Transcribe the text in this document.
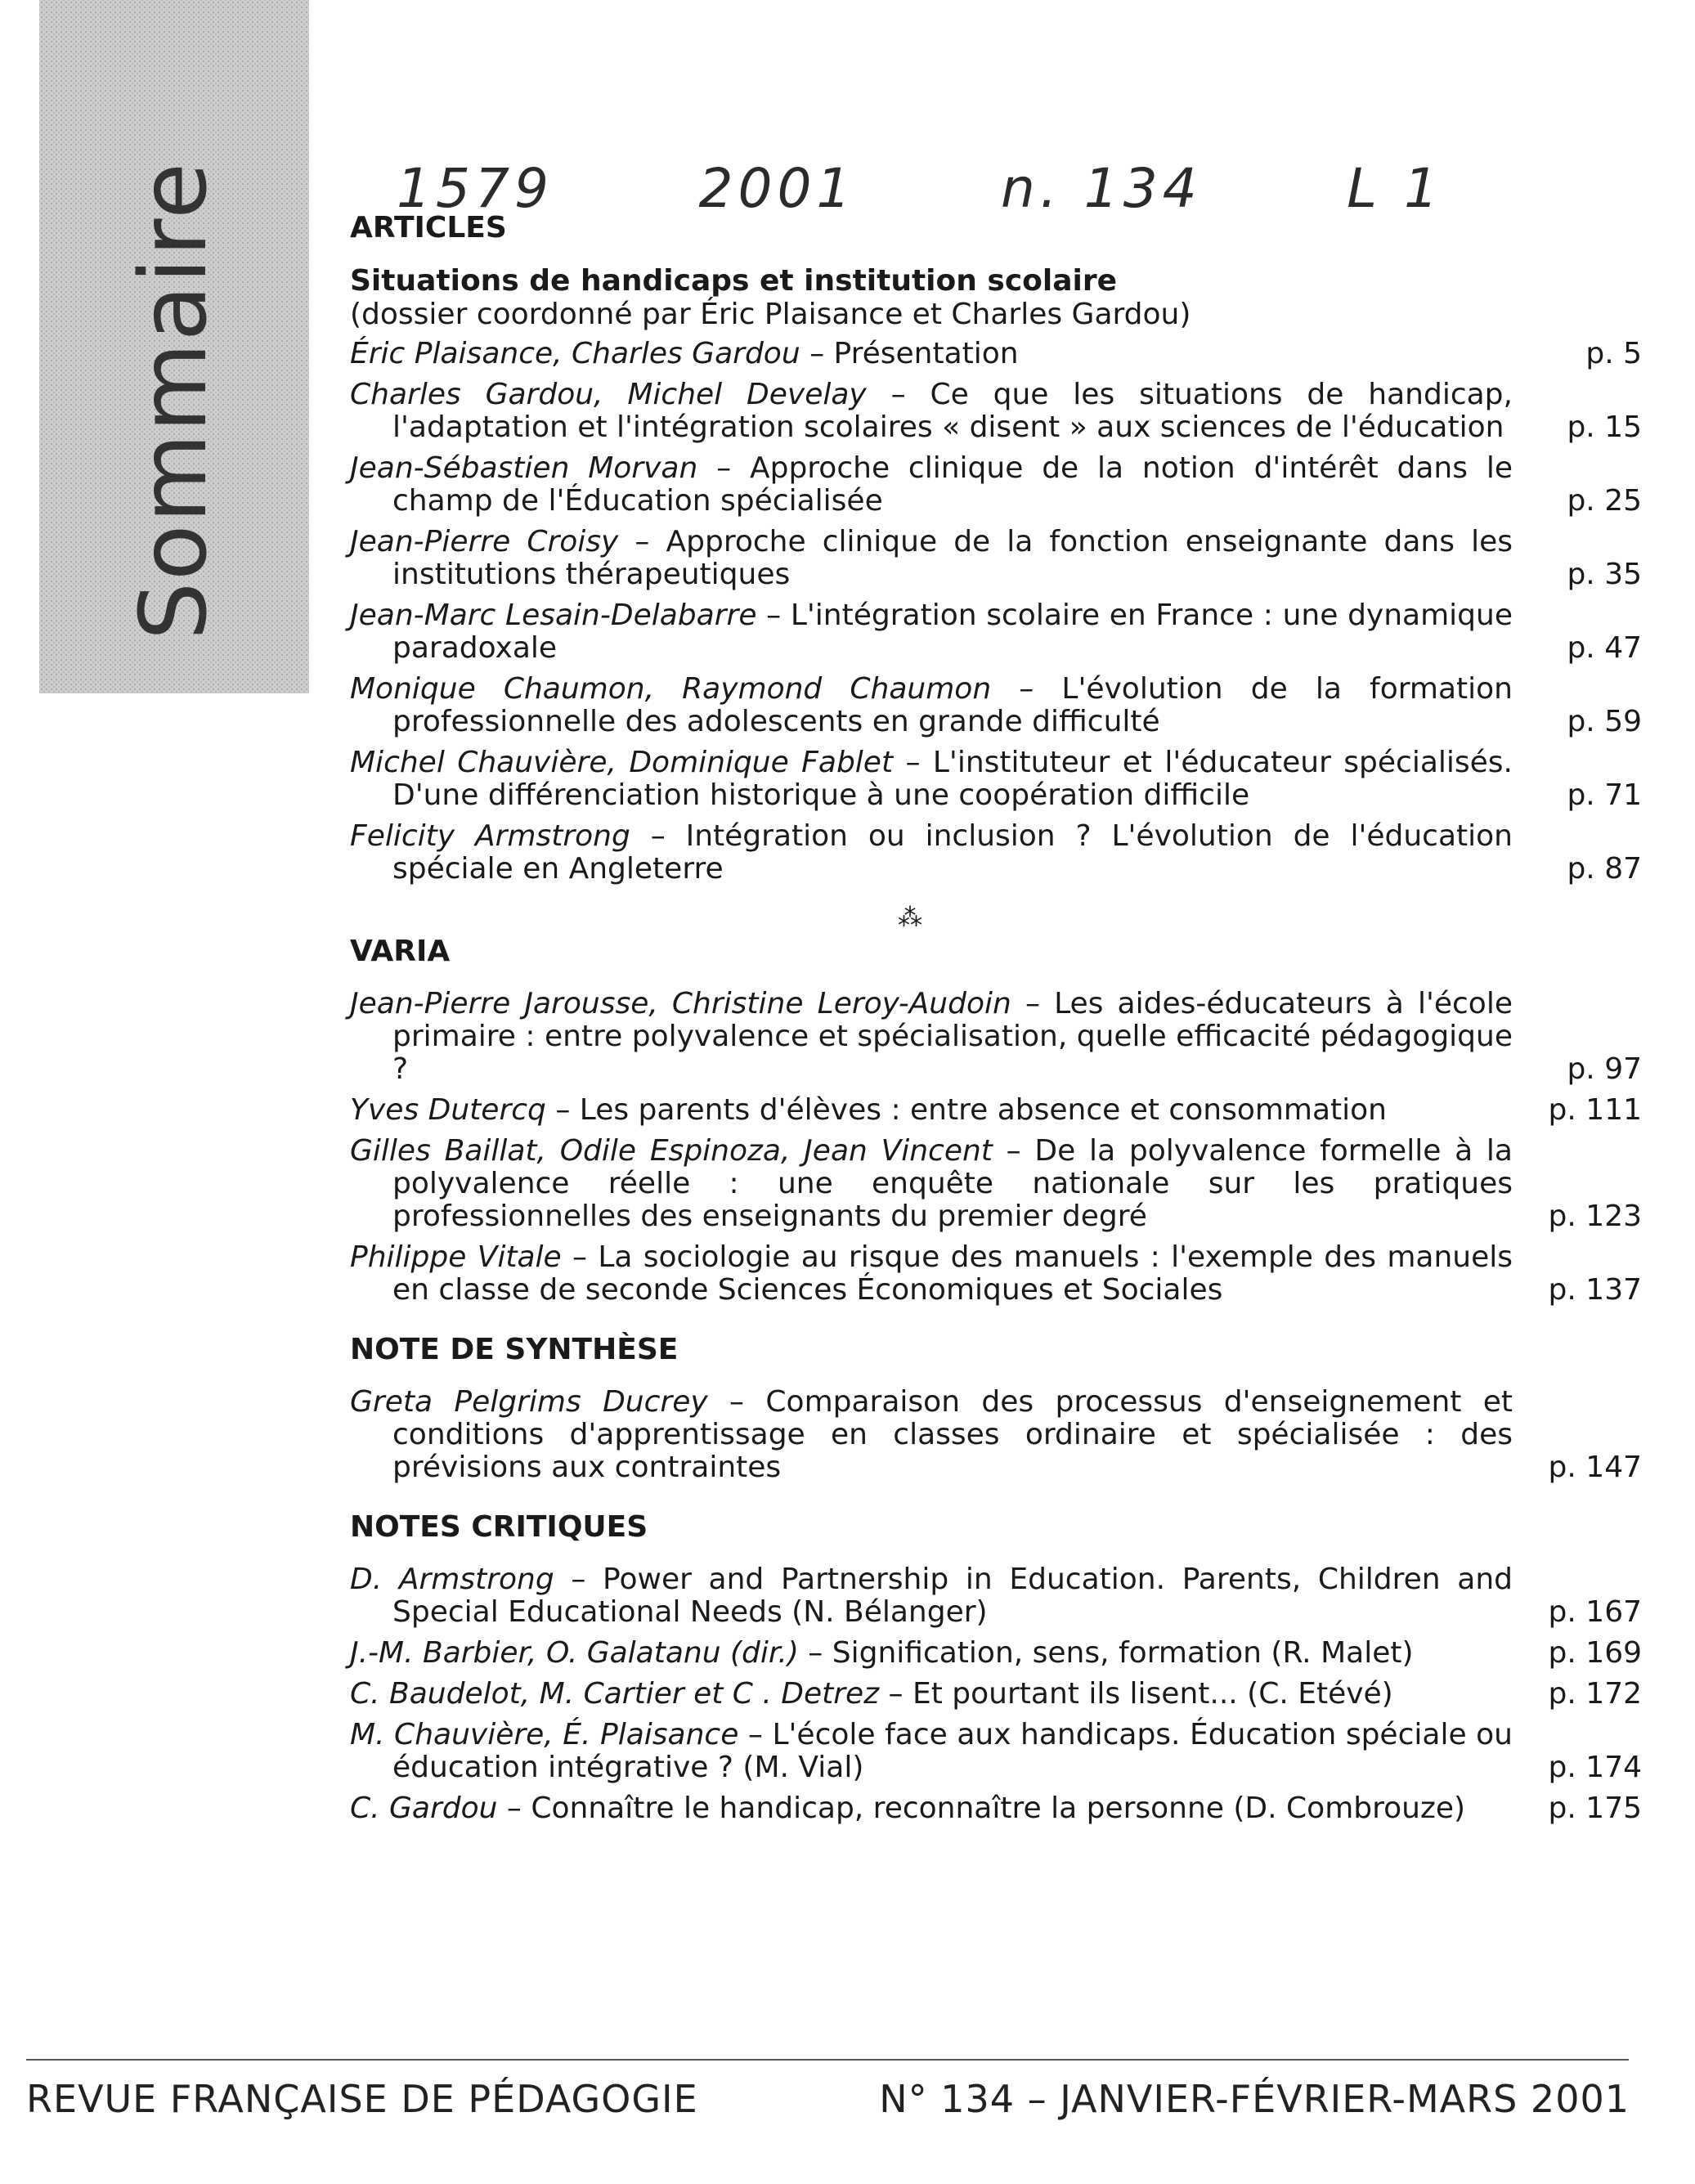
Sommaire	1579	2001	n. 134	L 1
ARTICLES
Situations de handicaps et institution scolaire
(dossier coordonné par Éric Plaisance et Charles Gardou)
Éric Plaisance, Charles Gardou – Présentation	p. 5
Charles Gardou, Michel Develay – Ce que les situations de handicap, l'adaptation et l'intégration scolaires « disent » aux sciences de l'éducation	p. 15
Jean-Sébastien Morvan – Approche clinique de la notion d'intérêt dans le champ de l'Éducation spécialisée	p. 25
Jean-Pierre Croisy – Approche clinique de la fonction enseignante dans les institutions thérapeutiques	p. 35
Jean-Marc Lesain-Delabarre – L'intégration scolaire en France : une dynamique paradoxale	p. 47
Monique Chaumon, Raymond Chaumon – L'évolution de la formation professionnelle des adolescents en grande difficulté	p. 59
Michel Chauvière, Dominique Fablet – L'instituteur et l'éducateur spécialisés. D'une différenciation historique à une coopération difficile	p. 71
Felicity Armstrong – Intégration ou inclusion ? L'évolution de l'éducation spéciale en Angleterre	p. 87
⁂
VARIA
Jean-Pierre Jarousse, Christine Leroy-Audoin – Les aides-éducateurs à l'école primaire : entre polyvalence et spécialisation, quelle efficacité pédagogique ?	p. 97
Yves Dutercq – Les parents d'élèves : entre absence et consommation	p. 111
Gilles Baillat, Odile Espinoza, Jean Vincent – De la polyvalence formelle à la polyvalence réelle : une enquête nationale sur les pratiques professionnelles des enseignants du premier degré	p. 123
Philippe Vitale – La sociologie au risque des manuels : l'exemple des manuels en classe de seconde Sciences Économiques et Sociales	p. 137
NOTE DE SYNTHÈSE
Greta Pelgrims Ducrey – Comparaison des processus d'enseignement et conditions d'apprentissage en classes ordinaire et spécialisée : des prévisions aux contraintes	p. 147
NOTES CRITIQUES
D. Armstrong – Power and Partnership in Education. Parents, Children and Special Educational Needs (N. Bélanger)	p. 167
J.-M. Barbier, O. Galatanu (dir.) – Signification, sens, formation (R. Malet)	p. 169
C. Baudelot, M. Cartier et C . Detrez – Et pourtant ils lisent... (C. Etévé)	p. 172
M. Chauvière, É. Plaisance – L'école face aux handicaps. Éducation spéciale ou éducation intégrative ? (M. Vial)	p. 174
C. Gardou – Connaître le handicap, reconnaître la personne (D. Combrouze)	p. 175
REVUE FRANÇAISE DE PÉDAGOGIE	N° 134 – JANVIER-FÉVRIER-MARS 2001
